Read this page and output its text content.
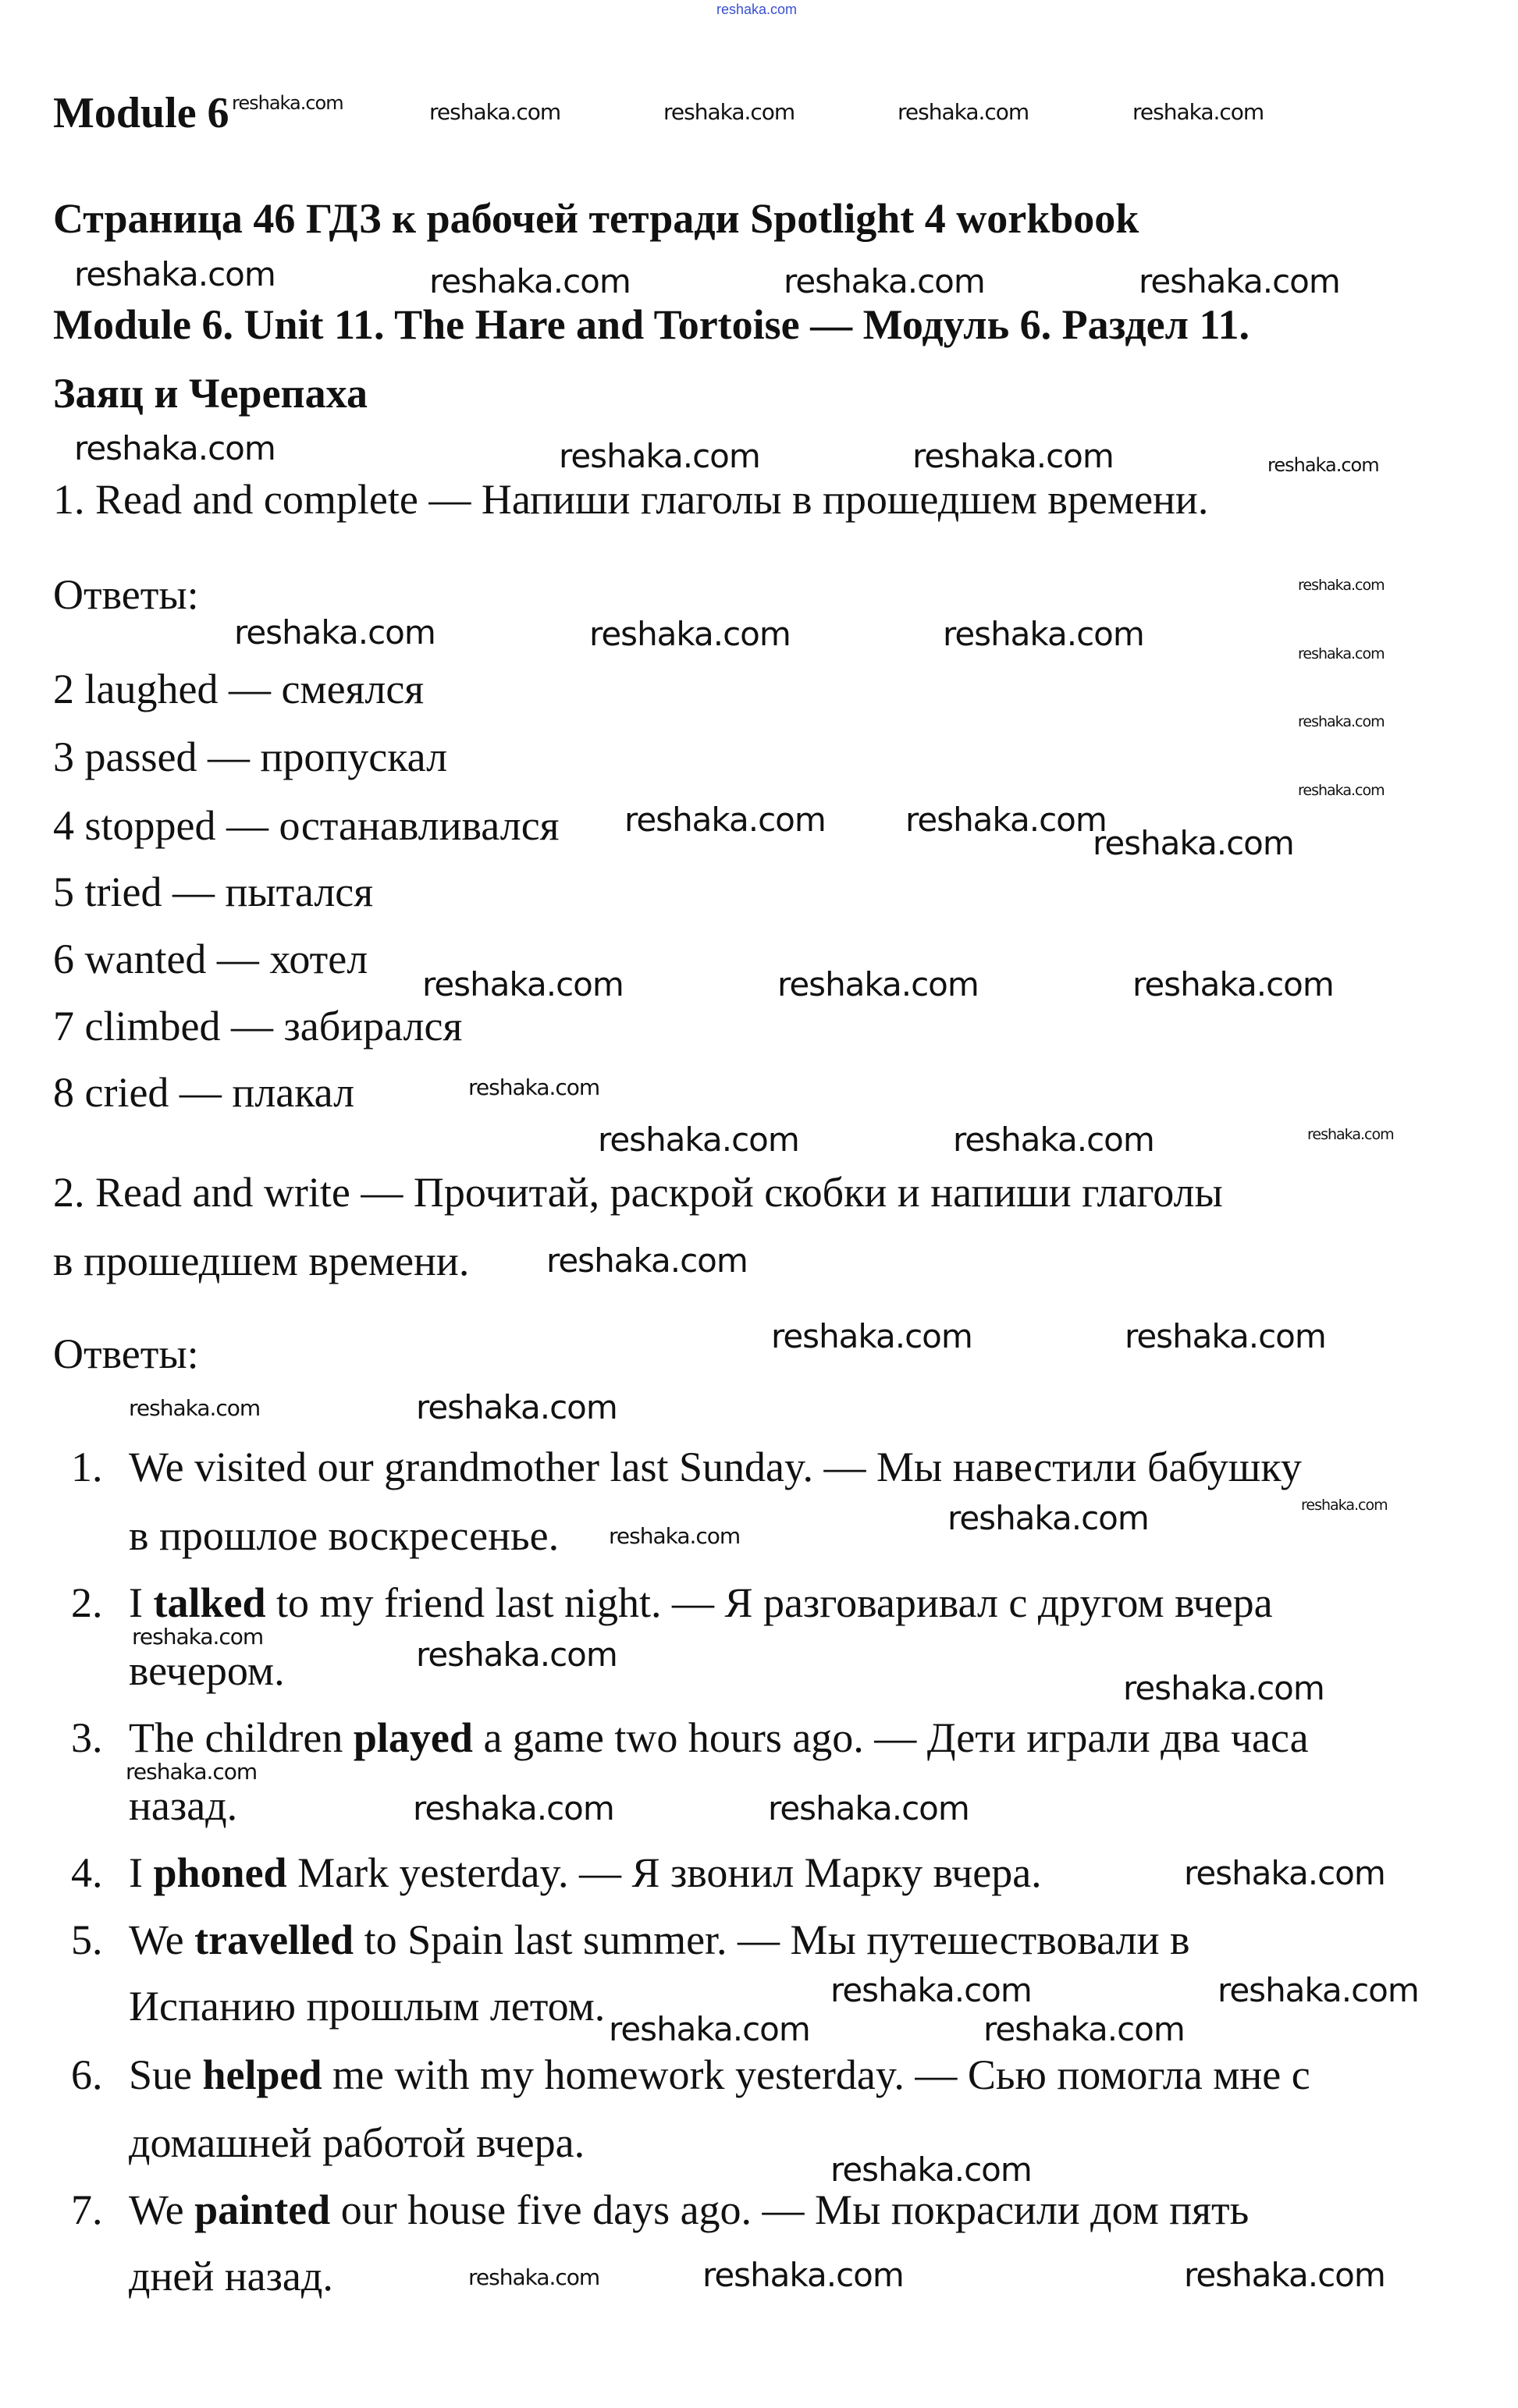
reshaka.com
Module 6
Страница 46 ГДЗ к рабочей тетради Spotlight 4 workbook
Module 6. Unit 11. The Hare and Tortoise — Модуль 6. Раздел 11.
Заяц и Черепаха
1. Read and complete — Напиши глаголы в прошедшем времени.
Ответы:
2 laughed — смеялся
3 passed — пропускал
4 stopped — останавливался
5 tried — пытался
6 wanted — хотел
7 climbed — забирался
8 cried — плакал
2. Read and write — Прочитай, раскрой скобки и напиши глаголы
в прошедшем времени.
Ответы:
1. We visited our grandmother last Sunday. — Мы навестили бабушку
в прошлое воскресенье.
2. I talked to my friend last night. — Я разговаривал с другом вчера
вечером.
3. The children played a game two hours ago. — Дети играли два часа
назад.
4. I phoned Mark yesterday. — Я звонил Марку вчера.
5. We travelled to Spain last summer. — Мы путешествовали в
Испанию прошлым летом.
6. Sue helped me with my homework yesterday. — Сью помогла мне с
домашней работой вчера.
7. We painted our house five days ago. — Мы покрасили дом пять
дней назад.
reshaka.com	reshaka.com	reshaka.com	reshaka.com	reshaka.com
reshaka.com	reshaka.com	reshaka.com	reshaka.com
reshaka.com	reshaka.com	reshaka.com	reshaka.com
reshaka.com
reshaka.com
reshaka.com
reshaka.com
reshaka.com	reshaka.com	reshaka.com
reshaka.com
reshaka.com reshaka.com
reshaka.com	reshaka.com	reshaka.com
reshaka.com
reshaka.com	reshaka.com	reshaka.com
reshaka.com
reshaka.com	reshaka.com
reshaka.com	reshaka.com
reshaka.com	reshaka.com	reshaka.com
reshaka.com	reshaka.com
reshaka.com
reshaka.com
reshaka.com	reshaka.com
reshaka.com
reshaka.com
reshaka.com	reshaka.com
reshaka.com
reshaka.com
reshaka.com	reshaka.com	reshaka.com
